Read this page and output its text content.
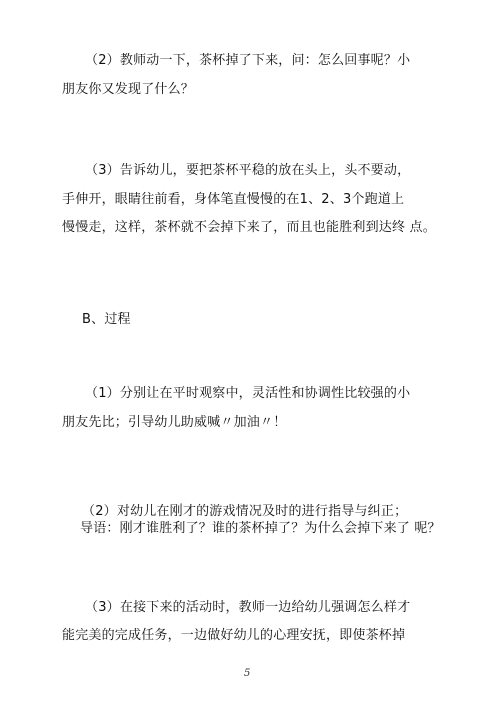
（2）教师动一下，茶杯掉了下来，问：怎么回事呢？小
朋友你又发现了什么？
（3）告诉幼儿，要把茶杯平稳的放在头上，头不要动，
手伸开，眼睛往前看，身体笔直慢慢的在1、2、3个跑道上
慢慢走，这样，茶杯就不会掉下来了，而且也能胜利到达终 点。
B、过程
（1）分别让在平时观察中，灵活性和协调性比较强的小
朋友先比；引导幼儿助威喊〃加油〃！
（2）对幼儿在刚才的游戏情况及时的进行指导与纠正；
导语：刚才谁胜利了？谁的茶杯掉了？为什么会掉下来了 呢？
（3）在接下来的活动时，教师一边给幼儿强调怎么样才
能完美的完成任务，一边做好幼儿的心理安抚，即使茶杯掉
5
